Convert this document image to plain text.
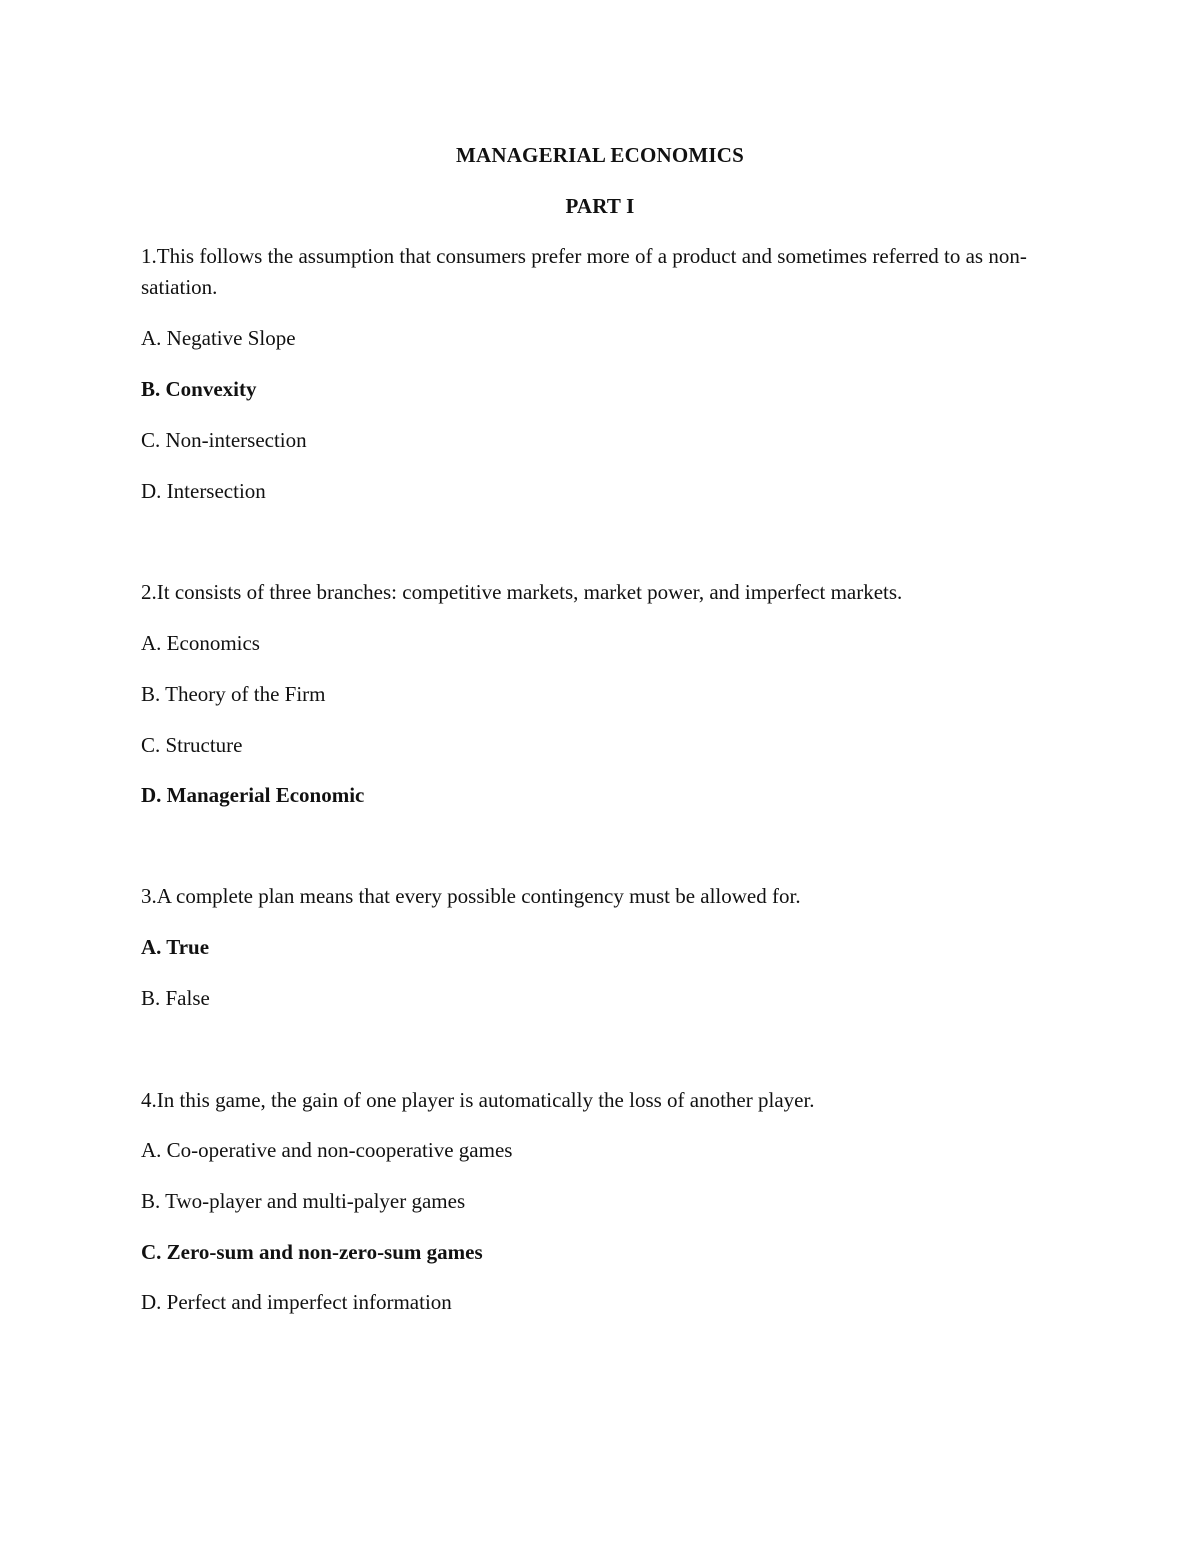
MANAGERIAL ECONOMICS
PART I
1.This follows the assumption that consumers prefer more of a product and sometimes referred to as non-satiation.
A. Negative Slope
B. Convexity
C. Non-intersection
D. Intersection
2.It consists of three branches: competitive markets, market power, and imperfect markets.
A. Economics
B. Theory of the Firm
C. Structure
D. Managerial Economic
3.A complete plan means that every possible contingency must be allowed for.
A. True
B. False
4.In this game, the gain of one player is automatically the loss of another player.
A. Co-operative and non-cooperative games
B. Two-player and multi-palyer games
C. Zero-sum and non-zero-sum games
D. Perfect and imperfect information
